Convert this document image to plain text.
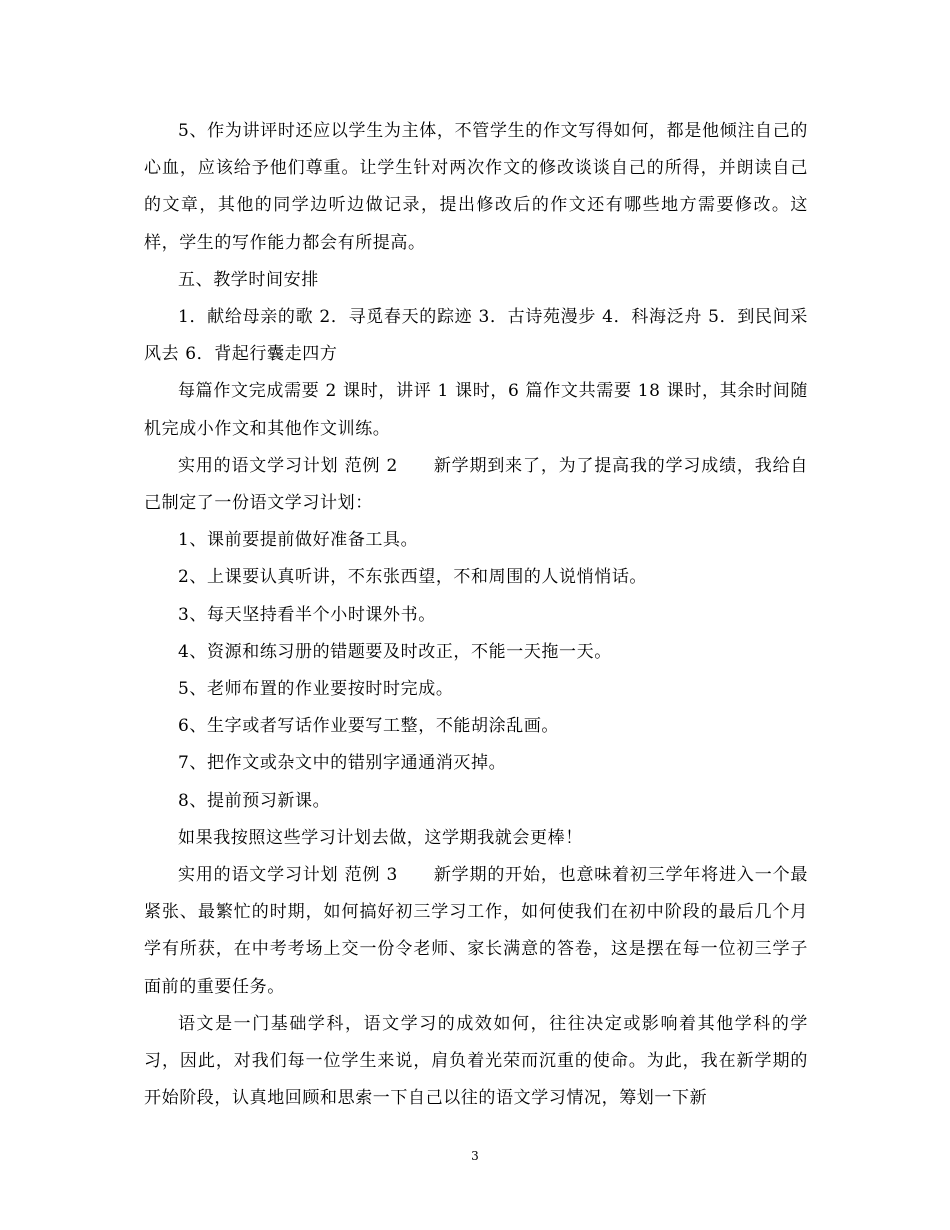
5、作为讲评时还应以学生为主体，不管学生的作文写得如何，都是他倾注自己的心血，应该给予他们尊重。让学生针对两次作文的修改谈谈自己的所得，并朗读自己的文章，其他的同学边听边做记录，提出修改后的作文还有哪些地方需要修改。这样，学生的写作能力都会有所提高。

五、教学时间安排

1．献给母亲的歌 2．寻觅春天的踪迹 3．古诗苑漫步 4．科海泛舟 5．到民间采风去 6．背起行囊走四方

每篇作文完成需要 2 课时，讲评 1 课时，6 篇作文共需要 18 课时，其余时间随机完成小作文和其他作文训练。

实用的语文学习计划 范例 2　　新学期到来了，为了提高我的学习成绩，我给自己制定了一份语文学习计划：

1、课前要提前做好准备工具。

2、上课要认真听讲，不东张西望，不和周围的人说悄悄话。

3、每天坚持看半个小时课外书。

4、资源和练习册的错题要及时改正，不能一天拖一天。

5、老师布置的作业要按时时完成。

6、生字或者写话作业要写工整，不能胡涂乱画。

7、把作文或杂文中的错别字通通消灭掉。

8、提前预习新课。

如果我按照这些学习计划去做，这学期我就会更棒！

实用的语文学习计划 范例 3　　新学期的开始，也意味着初三学年将进入一个最紧张、最繁忙的时期，如何搞好初三学习工作，如何使我们在初中阶段的最后几个月学有所获，在中考考场上交一份令老师、家长满意的答卷，这是摆在每一位初三学子面前的重要任务。

语文是一门基础学科，语文学习的成效如何，往往决定或影响着其他学科的学习，因此，对我们每一位学生来说，肩负着光荣而沉重的使命。为此，我在新学期的开始阶段，认真地回顾和思索一下自己以往的语文学习情况，筹划一下新

3
